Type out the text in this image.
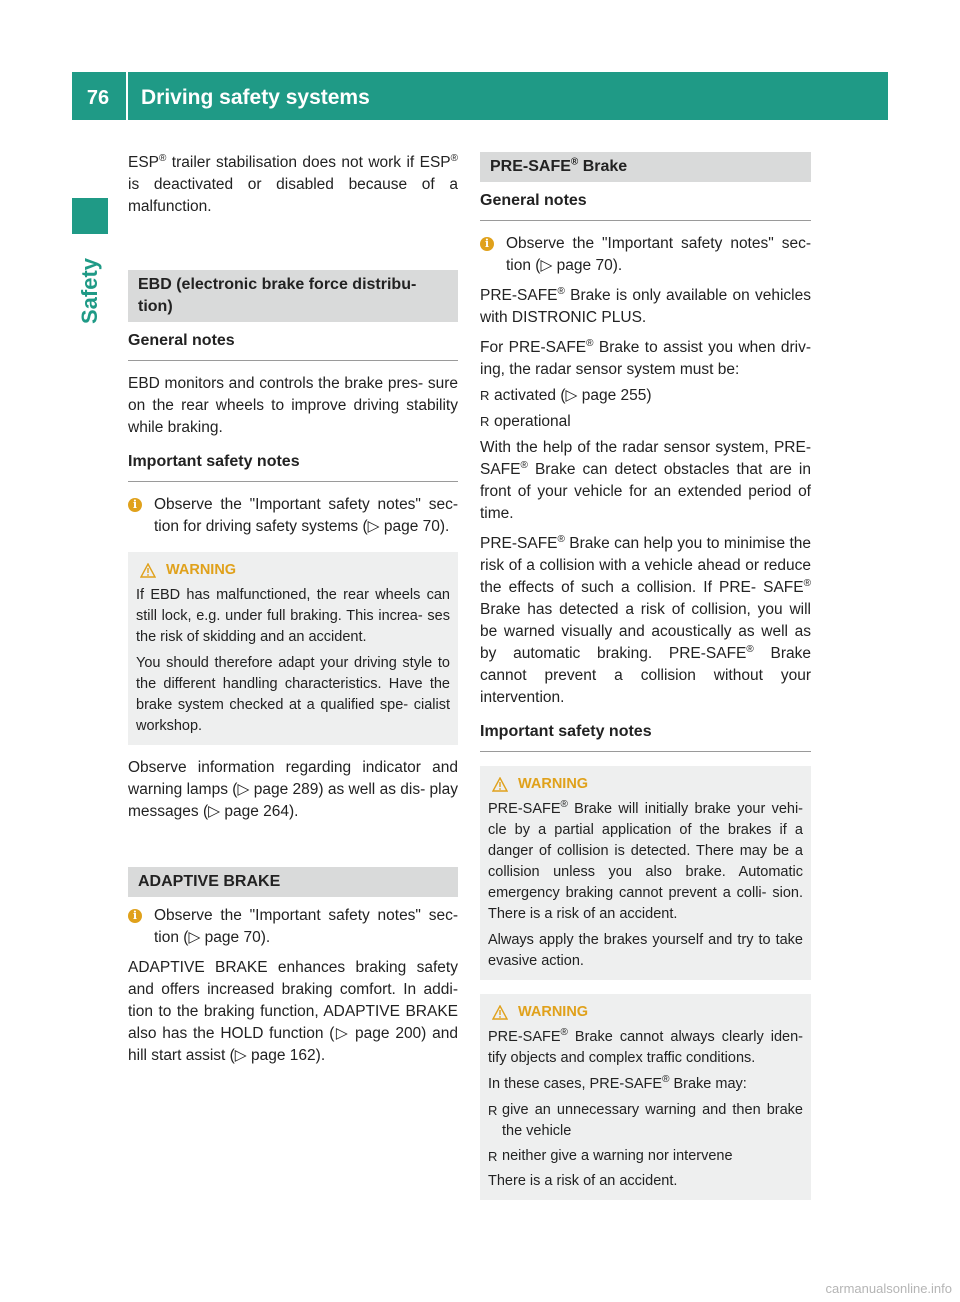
76	Driving safety systems
Safety

ESP® trailer stabilisation does not work if ESP® is deactivated or disabled because of a malfunction.

EBD (electronic brake force distribu- tion)
General notes

EBD monitors and controls the brake pres- sure on the rear wheels to improve driving stability while braking.

Important safety notes
i	Observe the "Important safety notes" sec- tion for driving safety systems (▷ page 70).

WARNING

If EBD has malfunctioned, the rear wheels can still lock, e.g. under full braking. This increa- ses the risk of skidding and an accident.

You should therefore adapt your driving style to the different handling characteristics. Have the brake system checked at a qualified spe- cialist workshop.

Observe information regarding indicator and warning lamps (▷ page 289) as well as dis- play messages (▷ page 264).

ADAPTIVE BRAKE
i	Observe the "Important safety notes" sec- tion (▷ page 70).

ADAPTIVE BRAKE enhances braking safety and offers increased braking comfort. In addi- tion to the braking function, ADAPTIVE BRAKE also has the HOLD function (▷ page 200) and hill start assist (▷ page 162).

PRE-SAFE® Brake
General notes
i	Observe the "Important safety notes" sec- tion (▷ page 70).

PRE-SAFE® Brake is only available on vehicles with DISTRONIC PLUS.

For PRE-SAFE® Brake to assist you when driv- ing, the radar sensor system must be:

R activated (▷ page 255)

R operational

With the help of the radar sensor system, PRE-SAFE® Brake can detect obstacles that are in front of your vehicle for an extended period of time.

PRE-SAFE® Brake can help you to minimise the risk of a collision with a vehicle ahead or reduce the effects of such a collision. If PRE- SAFE® Brake has detected a risk of collision, you will be warned visually and acoustically as well as by automatic braking. PRE-SAFE® Brake cannot prevent a collision without your intervention.

Important safety notes
WARNING

PRE-SAFE® Brake will initially brake your vehi- cle by a partial application of the brakes if a danger of collision is detected. There may be a collision unless you also brake. Automatic emergency braking cannot prevent a colli- sion. There is a risk of an accident.

Always apply the brakes yourself and try to take evasive action.

WARNING

PRE-SAFE® Brake cannot always clearly iden- tify objects and complex traffic conditions.

In these cases, PRE-SAFE® Brake may:

R give an unnecessary warning and then brake the vehicle

R neither give a warning nor intervene

There is a risk of an accident.

carmanualsonline.info
